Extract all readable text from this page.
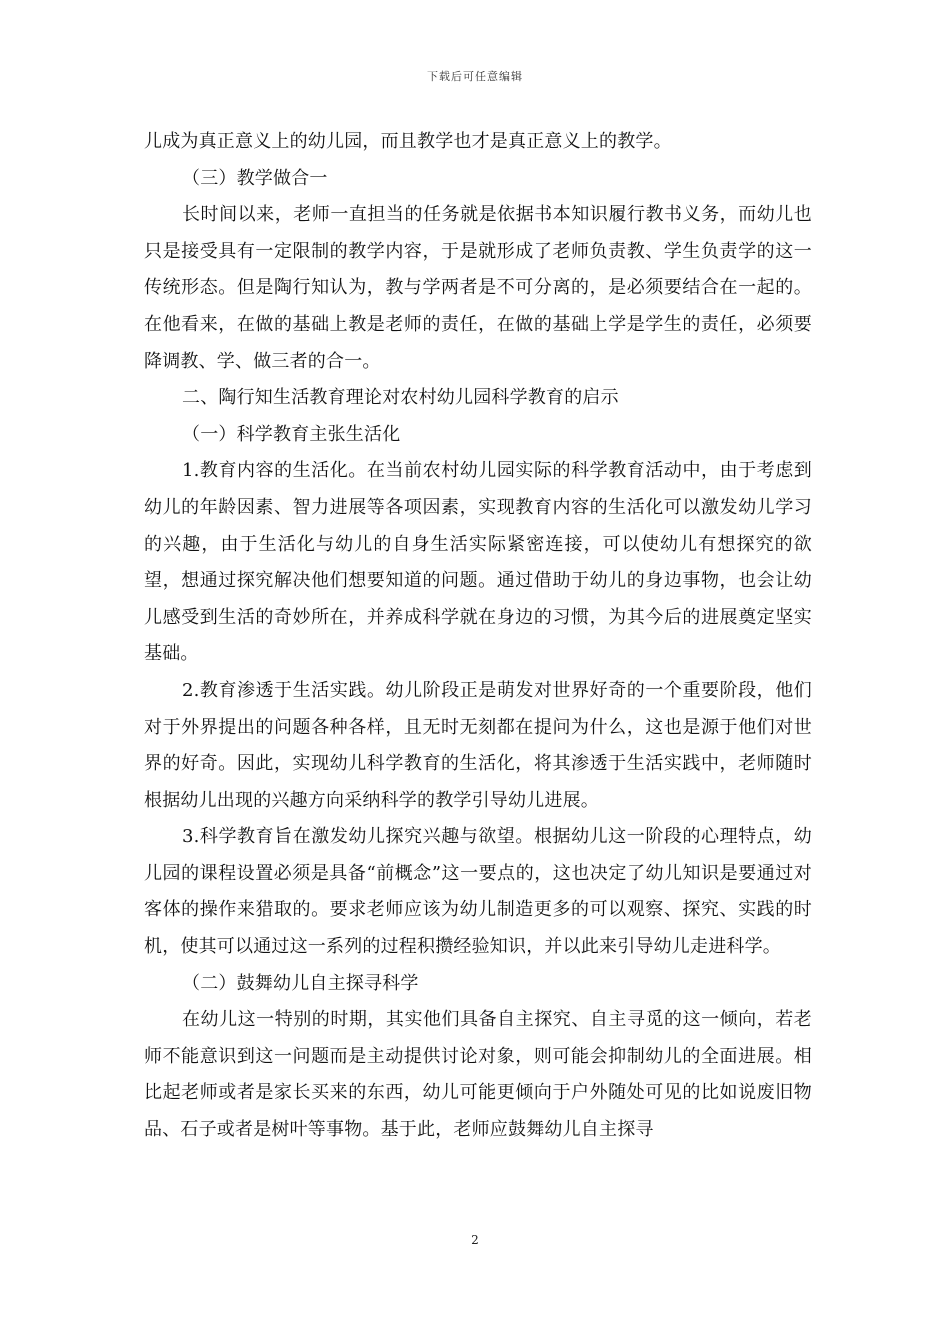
下载后可任意编辑

儿成为真正意义上的幼儿园，而且教学也才是真正意义上的教学。

（三）教学做合一

长时间以来，老师一直担当的任务就是依据书本知识履行教书义务，而幼儿也只是接受具有一定限制的教学内容，于是就形成了老师负责教、学生负责学的这一传统形态。但是陶行知认为，教与学两者是不可分离的，是必须要结合在一起的。在他看来，在做的基础上教是老师的责任，在做的基础上学是学生的责任，必须要降调教、学、做三者的合一。

二、陶行知生活教育理论对农村幼儿园科学教育的启示

（一）科学教育主张生活化

1.教育内容的生活化。在当前农村幼儿园实际的科学教育活动中，由于考虑到幼儿的年龄因素、智力进展等各项因素，实现教育内容的生活化可以激发幼儿学习的兴趣，由于生活化与幼儿的自身生活实际紧密连接，可以使幼儿有想探究的欲望，想通过探究解决他们想要知道的问题。通过借助于幼儿的身边事物，也会让幼儿感受到生活的奇妙所在，并养成科学就在身边的习惯，为其今后的进展奠定坚实基础。

2.教育渗透于生活实践。幼儿阶段正是萌发对世界好奇的一个重要阶段，他们对于外界提出的问题各种各样，且无时无刻都在提问为什么，这也是源于他们对世界的好奇。因此，实现幼儿科学教育的生活化，将其渗透于生活实践中，老师随时根据幼儿出现的兴趣方向采纳科学的教学引导幼儿进展。

3.科学教育旨在激发幼儿探究兴趣与欲望。根据幼儿这一阶段的心理特点，幼儿园的课程设置必须是具备“前概念”这一要点的，这也决定了幼儿知识是要通过对客体的操作来猎取的。要求老师应该为幼儿制造更多的可以观察、探究、实践的时机，使其可以通过这一系列的过程积攒经验知识，并以此来引导幼儿走进科学。

（二）鼓舞幼儿自主探寻科学

在幼儿这一特别的时期，其实他们具备自主探究、自主寻觅的这一倾向，若老师不能意识到这一问题而是主动提供讨论对象，则可能会抑制幼儿的全面进展。相比起老师或者是家长买来的东西，幼儿可能更倾向于户外随处可见的比如说废旧物品、石子或者是树叶等事物。基于此，老师应鼓舞幼儿自主探寻

2
